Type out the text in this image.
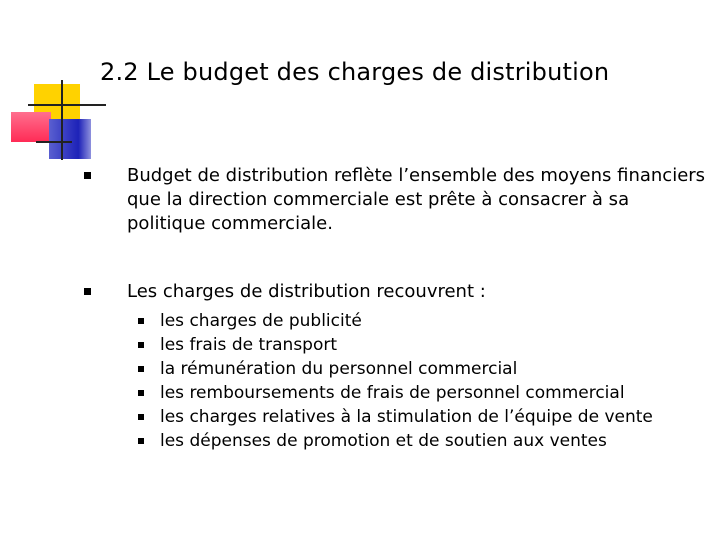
2.2 Le budget des charges de distribution
Budget de distribution reflète l’ensemble des moyens financiers que la direction commerciale est prête à consacrer à sa politique commerciale.
Les charges de distribution recouvrent :
les charges de publicité
les frais de transport
la rémunération du personnel commercial
les remboursements de frais de personnel commercial
les charges relatives à la stimulation de l’équipe de vente
les dépenses de promotion et de soutien aux ventes
